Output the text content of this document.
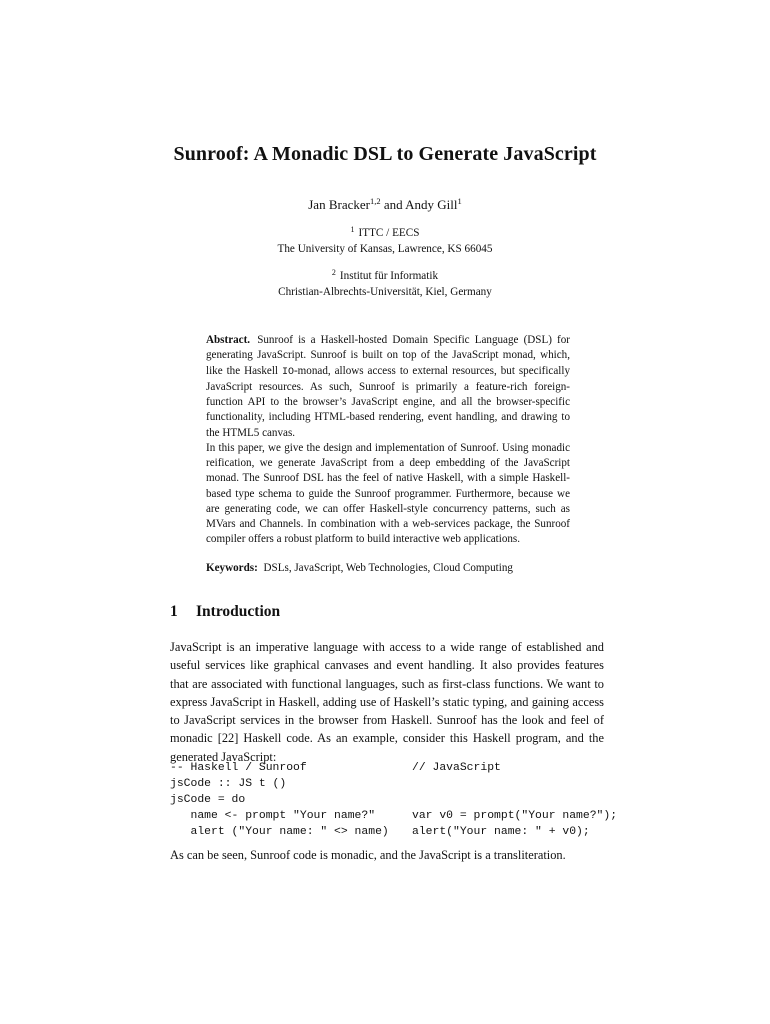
Sunroof: A Monadic DSL to Generate JavaScript
Jan Bracker$^{1,2}$ and Andy Gill$^1$
$^1$ ITTC / EECS
The University of Kansas, Lawrence, KS 66045
$^2$ Institut für Informatik
Christian-Albrechts-Universität, Kiel, Germany

Abstract. Sunroof is a Haskell-hosted Domain Specific Language (DSL) for generating JavaScript. Sunroof is built on top of the JavaScript monad, which, like the Haskell IO-monad, allows access to external resources, but specifically JavaScript resources. As such, Sunroof is primarily a feature-rich foreign-function API to the browser’s JavaScript engine, and all the browser-specific functionality, including HTML-based rendering, event handling, and drawing to the HTML5 canvas.

In this paper, we give the design and implementation of Sunroof. Using monadic reification, we generate JavaScript from a deep embedding of the JavaScript monad. The Sunroof DSL has the feel of native Haskell, with a simple Haskell-based type schema to guide the Sunroof programmer. Furthermore, because we are generating code, we can offer Haskell-style concurrency patterns, such as MVars and Channels. In combination with a web-services package, the Sunroof compiler offers a robust platform to build interactive web applications.

Keywords: DSLs, JavaScript, Web Technologies, Cloud Computing
1 Introduction

JavaScript is an imperative language with access to a wide range of established and useful services like graphical canvases and event handling. It also provides features that are associated with functional languages, such as first-class functions. We want to express JavaScript in Haskell, adding use of Haskell’s static typing, and gaining access to JavaScript services in the browser from Haskell. Sunroof has the look and feel of monadic [22] Haskell code. As an example, consider this Haskell program, and the generated JavaScript:

-- Haskell / Sunroof	// JavaScript
jsCode :: JS t ()
jsCode = do
name <- prompt "Your name?"	var v0 = prompt("Your name?");
alert ("Your name: " <> name) alert("Your name: " + v0);
As can be seen, Sunroof code is monadic, and the JavaScript is a transliteration.
